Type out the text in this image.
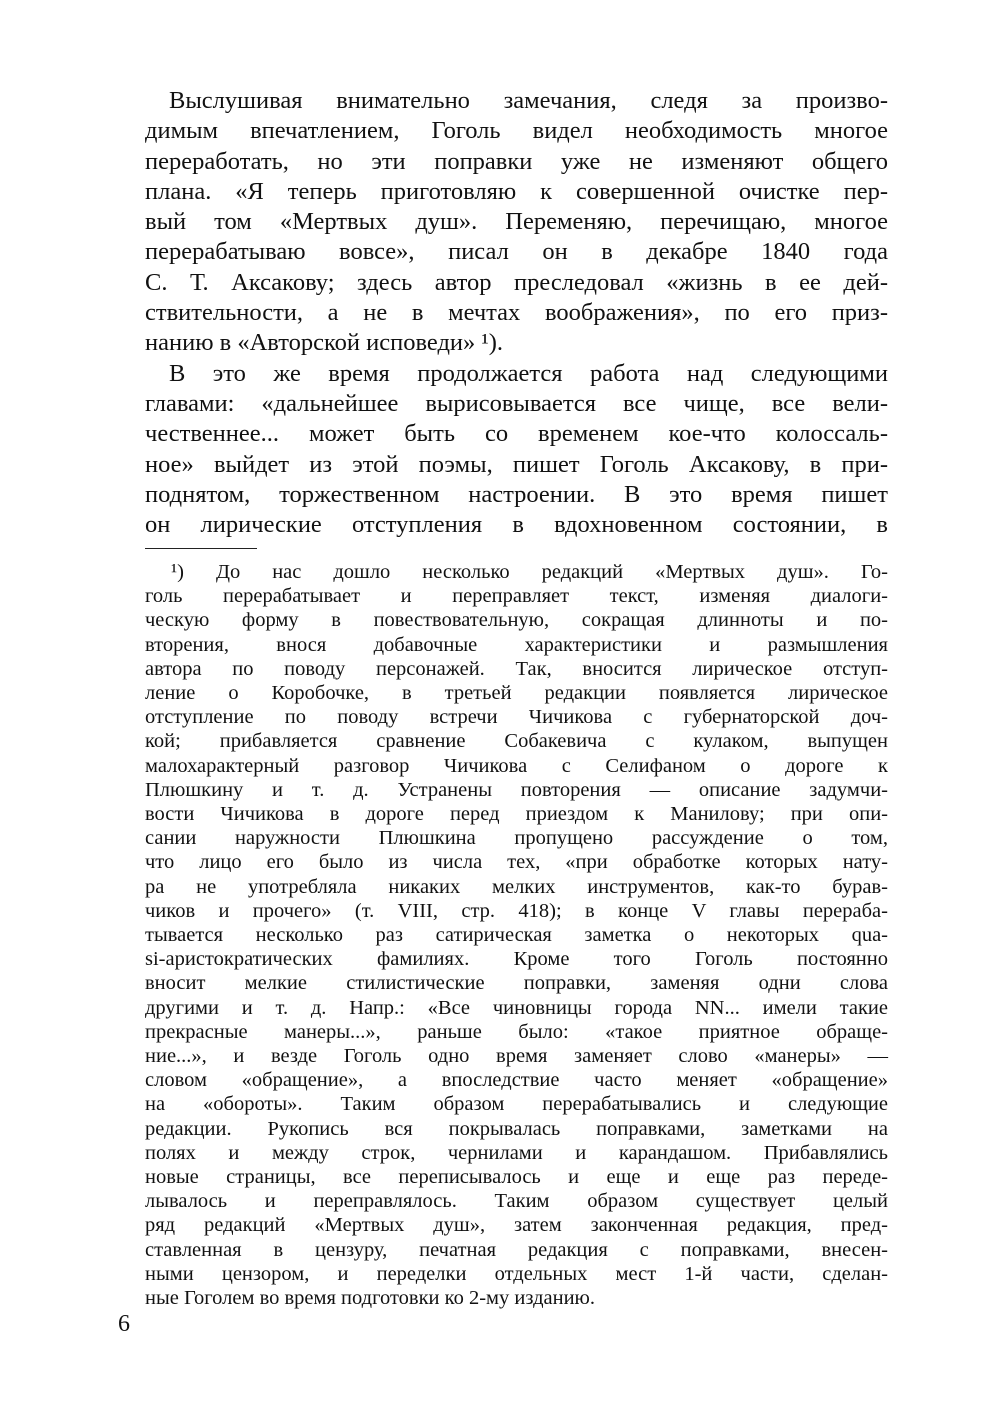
Выслушивая внимательно замечания, следя за произво-
димым впечатлением, Гоголь видел необходимость многое
переработать, но эти поправки уже не изменяют общего
плана. «Я теперь приготовляю к совершенной очистке пер-
вый том «Мертвых душ». Переменяю, перечищаю, многое
перерабатываю вовсе», писал он в декабре 1840 года
С. Т. Аксакову; здесь автор преследовал «жизнь в ее дей-
ствительности, а не в мечтах воображения», по его приз-
нанию в «Авторской исповеди» ¹).
В это же время продолжается работа над следующими
главами: «дальнейшее вырисовывается все чище, все вели-
чественнее... может быть со временем кое-что колоссаль-
ное» выйдет из этой поэмы, пишет Гоголь Аксакову, в при-
поднятом, торжественном настроении. В это время пишет
он лирические отступления в вдохновенном состоянии, в
¹) До нас дошло несколько редакций «Мертвых душ». Го-
голь перерабатывает и переправляет текст, изменяя диалоги-
ческую форму в повествовательную, сокращая длинноты и по-
вторения, внося добавочные характеристики и размышления
автора по поводу персонажей. Так, вносится лирическое отступ-
ление о Коробочке, в третьей редакции появляется лирическое
отступление по поводу встречи Чичикова с губернаторской доч-
кой; прибавляется сравнение Собакевича с кулаком, выпущен
малохарактерный разговор Чичикова с Селифаном о дороге к
Плюшкину и т. д. Устранены повторения — описание задумчи-
вости Чичикова в дороге перед приездом к Манилову; при опи-
сании наружности Плюшкина пропущено рассуждение о том,
что лицо его было из числа тех, «при обработке которых нату-
ра не употребляла никаких мелких инструментов, как-то бурав-
чиков и прочего» (т. VIII, стр. 418); в конце V главы перераба-
тывается несколько раз сатирическая заметка о некоторых qua-
si-аристократических фамилиях. Кроме того Гоголь постоянно
вносит мелкие стилистические поправки, заменяя одни слова
другими и т. д. Напр.: «Все чиновницы города NN... имели такие
прекрасные манеры...», раньше было: «такое приятное обраще-
ние...», и везде Гоголь одно время заменяет слово «манеры» —
словом «обращение», а впоследствие часто меняет «обращение»
на «обороты». Таким образом перерабатывались и следующие
редакции. Рукопись вся покрывалась поправками, заметками на
полях и между строк, чернилами и карандашом. Прибавлялись
новые страницы, все переписывалось и еще и еще раз переде-
лывалось и переправлялось. Таким образом существует целый
ряд редакций «Мертвых душ», затем законченная редакция, пред-
ставленная в цензуру, печатная редакция с поправками, внесен-
ными цензором, и переделки отдельных мест 1-й части, сделан-
ные Гоголем во время подготовки ко 2-му изданию.
6
